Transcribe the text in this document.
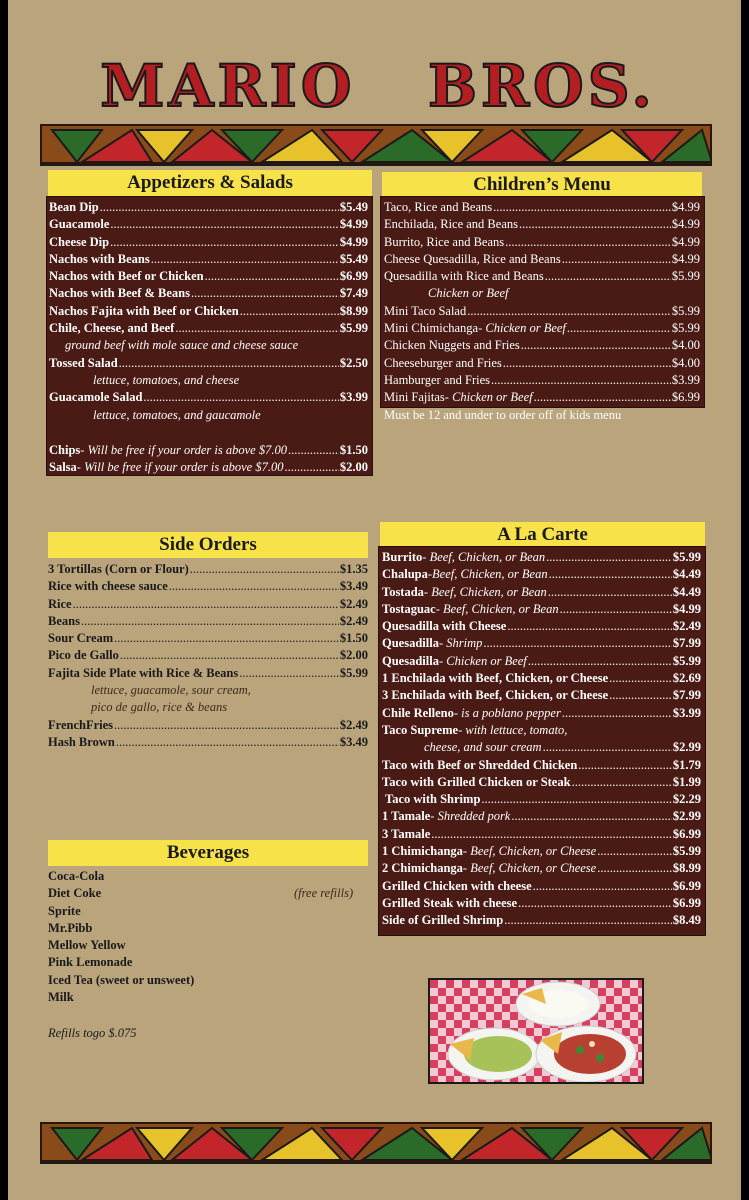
MARIO BROS.
Appetizers & Salads
Bean Dip .....	$5.49
Guacamole .....	$4.99
Cheese Dip .....	$4.99
Nachos with Beans .....	$5.49
Nachos with Beef or Chicken .....	$6.99
Nachos with Beef & Beans .....	$7.49
Nachos Fajita with Beef or Chicken .....	$8.99
Chile, Cheese, and Beef .....	$5.99
ground beef with mole sauce and cheese sauce
Tossed Salad .....	$2.50
lettuce, tomatoes, and cheese
Guacamole Salad .....	$3.99
lettuce, tomatoes, and gaucamole
Chips - Will be free if your order is above $7.00 .....	$1.50
Salsa - Will be free if your order is above $7.00 .....	$2.00
Children’s Menu
Taco, Rice and Beans .....	$4.99
Enchilada, Rice and Beans .....	$4.99
Burrito, Rice and Beans .....	$4.99
Cheese Quesadilla, Rice and Beans .....	$4.99
Quesadilla with Rice and Beans .....	$5.99
Chicken or Beef
Mini Taco Salad .....	$5.99
Mini Chimichanga - Chicken or Beef .....	$5.99
Chicken Nuggets and Fries .....	$4.00
Cheeseburger and Fries .....	$4.00
Hamburger and Fries .....	$3.99
Mini Fajitas - Chicken or Beef .....	$6.99
Must be 12 and under to order off of kids menu
Side Orders
3 Tortillas (Corn or Flour) .....	$1.35
Rice with cheese sauce .....	$3.49
Rice .....	$2.49
Beans .....	$2.49
Sour Cream .....	$1.50
Pico de Gallo .....	$2.00
Fajita Side Plate with Rice & Beans .....	$5.99
lettuce, guacamole, sour cream,
pico de gallo, rice & beans
FrenchFries .....	$2.49
Hash Brown .....	$3.49
Beverages
Coca-Cola
Diet Coke
Sprite
Mr.Pibb
Mellow Yellow
Pink Lemonade
Iced Tea (sweet or unsweet)
Milk
(free refills)
Refills togo $.075
A La Carte
Burrito - Beef, Chicken, or Bean .....	$5.99
Chalupa -Beef, Chicken, or Bean .....	$4.49
Tostada - Beef, Chicken, or Bean .....	$4.49
Tostaguac - Beef, Chicken, or Bean .....	$4.99
Quesadilla with Cheese .....	$2.49
Quesadilla - Shrimp .....	$7.99
Quesadilla - Chicken or Beef .....	$5.99
1 Enchilada with Beef, Chicken, or Cheese .....	$2.69
3 Enchilada with Beef, Chicken, or Cheese .....	$7.99
Chile Relleno - is a poblano pepper .....	$3.99
Taco Supreme - with lettuce, tomato,
cheese, and sour cream .....	$2.99
Taco with Beef or Shredded Chicken .....	$1.79
Taco with Grilled Chicken or Steak .....	$1.99
Taco with Shrimp .....	$2.29
1 Tamale - Shredded pork .....	$2.99
3 Tamale .....	$6.99
1 Chimichanga - Beef, Chicken, or Cheese .....	$5.99
2 Chimichanga - Beef, Chicken, or Cheese .....	$8.99
Grilled Chicken with cheese .....	$6.99
Grilled Steak with cheese .....	$6.99
Side of Grilled Shrimp .....	$8.49
